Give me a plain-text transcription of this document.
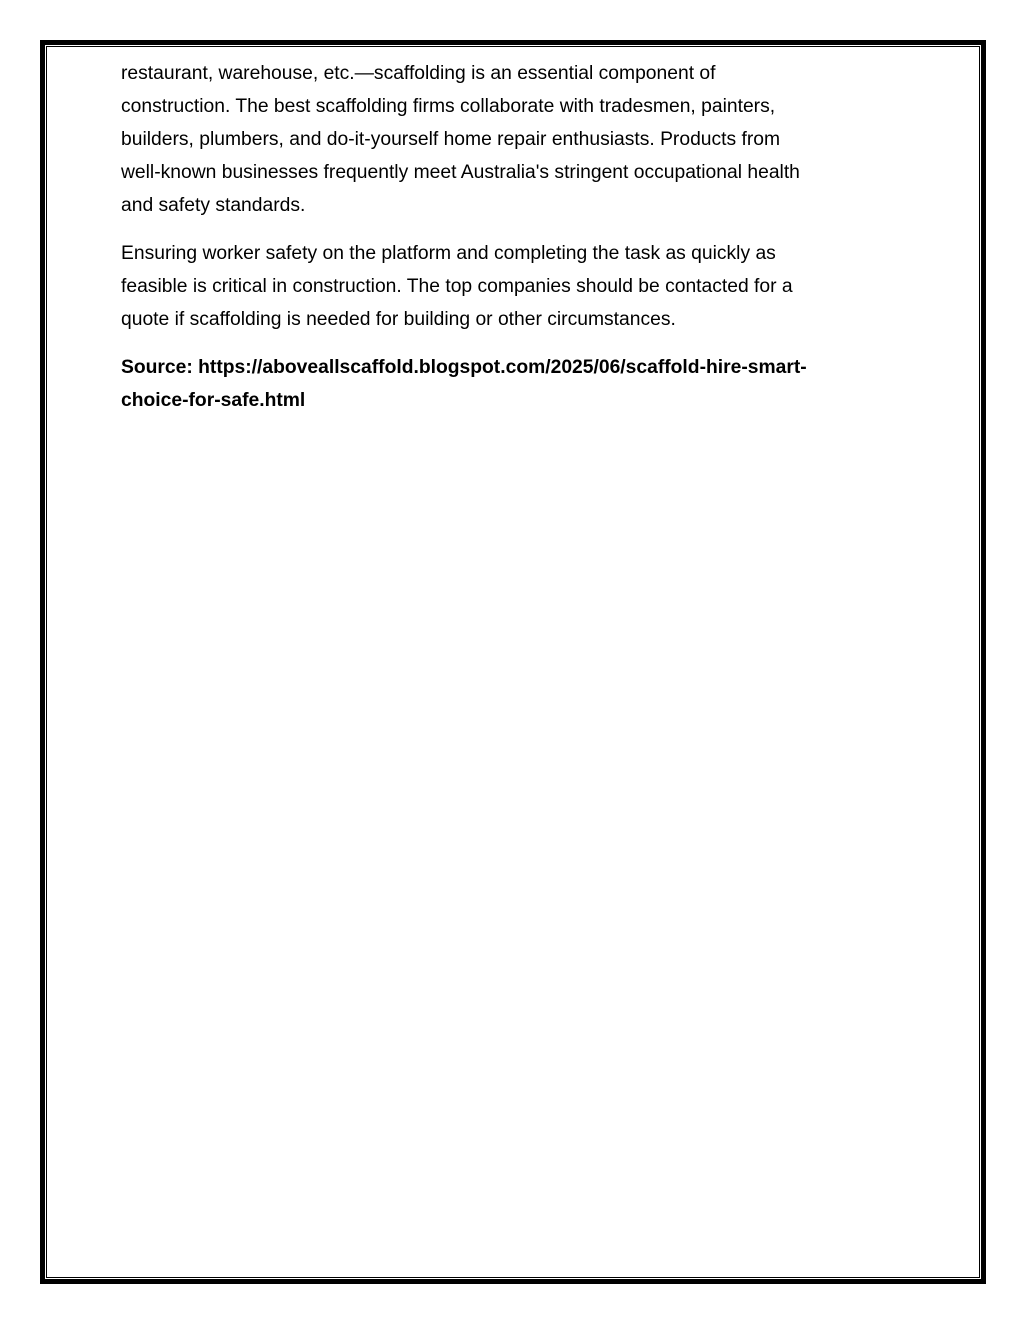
restaurant, warehouse, etc.—scaffolding is an essential component of
construction. The best scaffolding firms collaborate with tradesmen, painters,
builders, plumbers, and do-it-yourself home repair enthusiasts. Products from
well-known businesses frequently meet Australia's stringent occupational health
and safety standards.

Ensuring worker safety on the platform and completing the task as quickly as
feasible is critical in construction. The top companies should be contacted for a
quote if scaffolding is needed for building or other circumstances.

Source: https://aboveallscaffold.blogspot.com/2025/06/scaffold-hire-smart-
choice-for-safe.html
